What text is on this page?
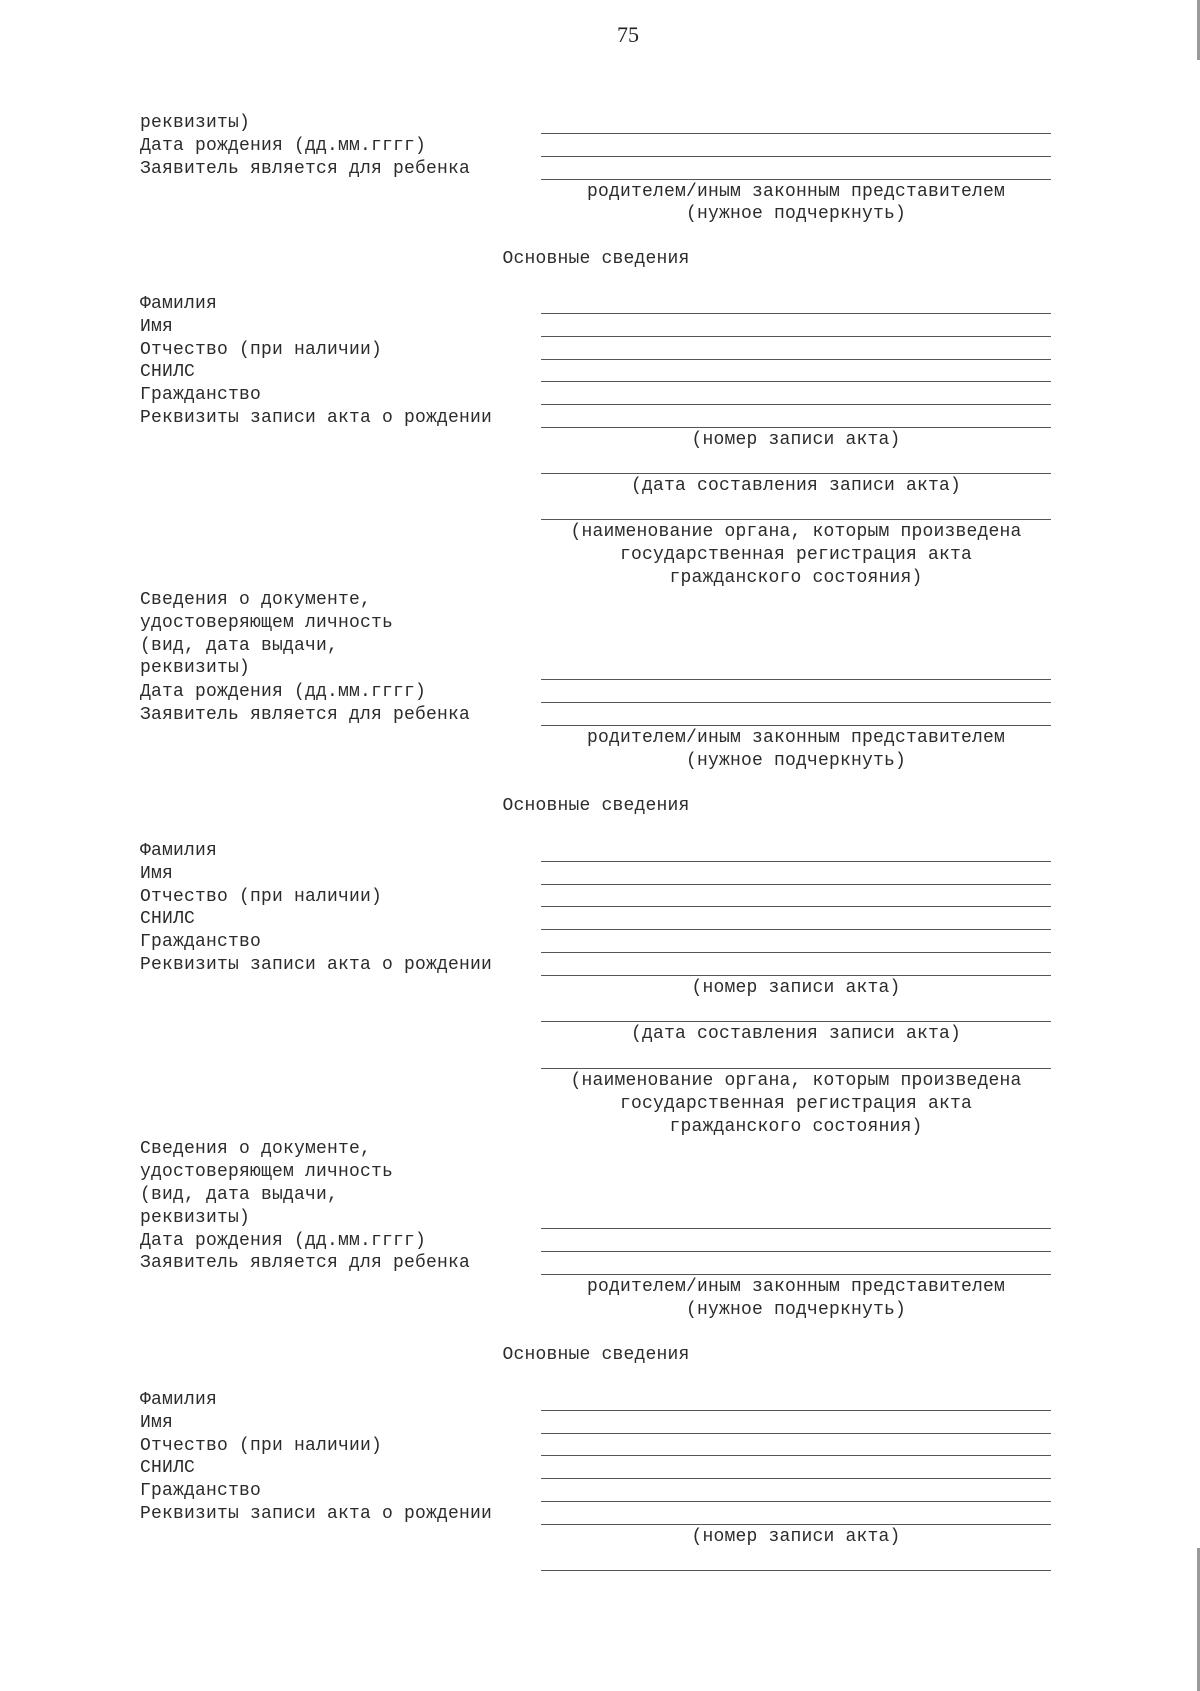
75
реквизиты)
Дата рождения (дд.мм.гггг)
Заявитель является для ребенка
родителем/иным законным представителем
(нужное подчеркнуть)
Основные сведения
Фамилия
Имя
Отчество (при наличии)
СНИЛС
Гражданство
Реквизиты записи акта о рождении
(номер записи акта)
(дата составления записи акта)
(наименование органа, которым произведена
государственная регистрация акта
гражданского состояния)
Сведения о документе,
удостоверяющем личность
(вид, дата выдачи,
реквизиты)
Дата рождения (дд.мм.гггг)
Заявитель является для ребенка
родителем/иным законным представителем
(нужное подчеркнуть)
Основные сведения
Фамилия
Имя
Отчество (при наличии)
СНИЛС
Гражданство
Реквизиты записи акта о рождении
(номер записи акта)
(дата составления записи акта)
(наименование органа, которым произведена
государственная регистрация акта
гражданского состояния)
Сведения о документе,
удостоверяющем личность
(вид, дата выдачи,
реквизиты)
Дата рождения (дд.мм.гггг)
Заявитель является для ребенка
родителем/иным законным представителем
(нужное подчеркнуть)
Основные сведения
Фамилия
Имя
Отчество (при наличии)
СНИЛС
Гражданство
Реквизиты записи акта о рождении
(номер записи акта)
